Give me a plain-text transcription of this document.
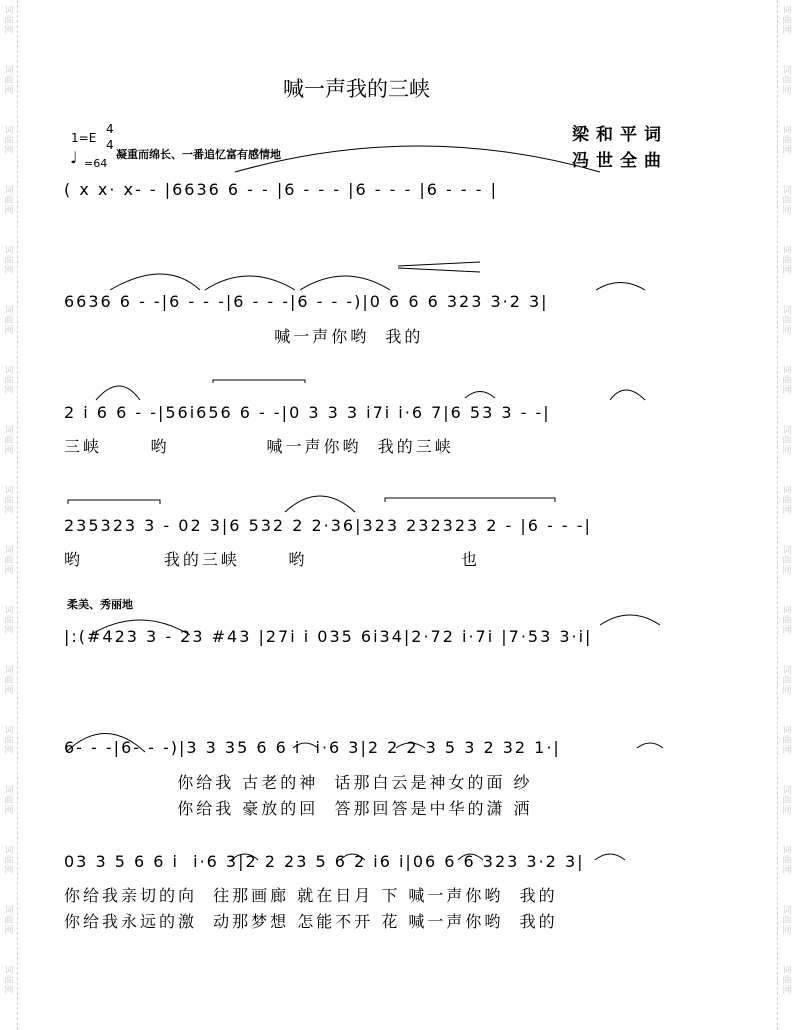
词
曲
网
词
曲
网
词
曲
网
词
曲
网
词
曲
网
词
曲
网
词
曲
网
词
曲
网
词
曲
网
词
曲
网
词
曲
网
词
曲
网
词
曲
网
词
曲
网
词
曲
网
词
曲
网
词
曲
网
词
曲
网
词
曲
网
词
曲
网
词
曲
网
词
曲
网
词
曲
网
词
曲
网
词
曲
网
词
曲
网
词
曲
网
词
曲
网
词
曲
网
词
曲
网
词
曲
网
词
曲
网
词
曲
网
词
曲
网
喊一声我的三峡
梁和平词
冯世全曲
1=E
4
4
♩ =64
凝重而绵长、一番追忆富有感情地
柔美、秀丽地
( x x· x- - |6636 6 - - |6 - - - |6 - - - |6 - - - |
6636 6 - -|6 - - -|6 - - -|6 - - -)|0 6 6 6 323 3·2 3|
喊一声你哟  我的
2 i 6 6 - -|56i656 6 - -|0 3 3 3 i7i i·6 7|6 53 3 - -|
三峡      哟            喊一声你哟  我的三峡
235323 3 - 02 3|6 532 2 2·36|323 232323 2 - |6 - - -|
哟          我的三峡      哟                   也
|:(#423 3 - 23 #43 |27i i 035 6i34|2·72 i·7i |7·53 3·i|
6- - -|6- - -)|3 3 35 6 6 i  i·6 3|2 2 2 3 5 3 2 32 1·|
你给我 古老的神  话那白云是神女的面 纱
你给我 豪放的回  答那回答是中华的潇 洒
03 3 5 6 6 i  i·6 3|2 2 23 5 6 2 i6 i|06 6 6 323 3·2 3|
你给我亲切的向  往那画廊 就在日月 下 喊一声你哟  我的
你给我永远的激  动那梦想 怎能不开 花 喊一声你哟  我的
